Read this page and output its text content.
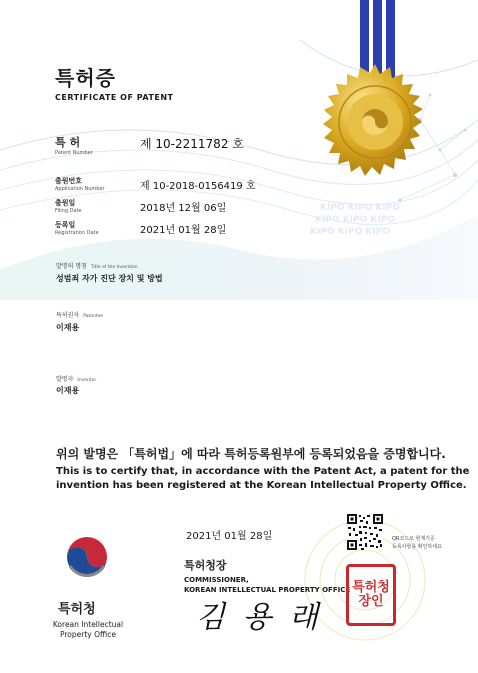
KIPO KIPO KIPO
KIPO KIPO KIPO
KIPO KIPO KIPO
특허증
CERTIFICATE OF PATENT
특 허
Patent Number
제 10-2211782 호
출원번호
Application Number	제 10-2018-0156419 호
출원일
Filing Date	2018년 12월 06일
등록일
Registration Date	2021년 01월 28일
발명의 명칭 Title of the Invention
성범죄 자가 진단 장치 및 방법
특허권자 Patentee
이재용
발명자 Inventor
이재용
위의 발명은 「특허법」에 따라 특허등록원부에 등록되었음을 증명합니다.
This is to certify that, in accordance with the Patent Act, a patent for the
invention has been registered at the Korean Intellectual Property Office.
특허청
Korean Intellectual
Property Office
2021년 01월 28일
특허청장
COMMISSIONER,
KOREAN INTELLECTUAL PROPERTY OFFICE
김 용 래
QR코드로 현재기준
등록사항을 확인하세요
특허청장인
